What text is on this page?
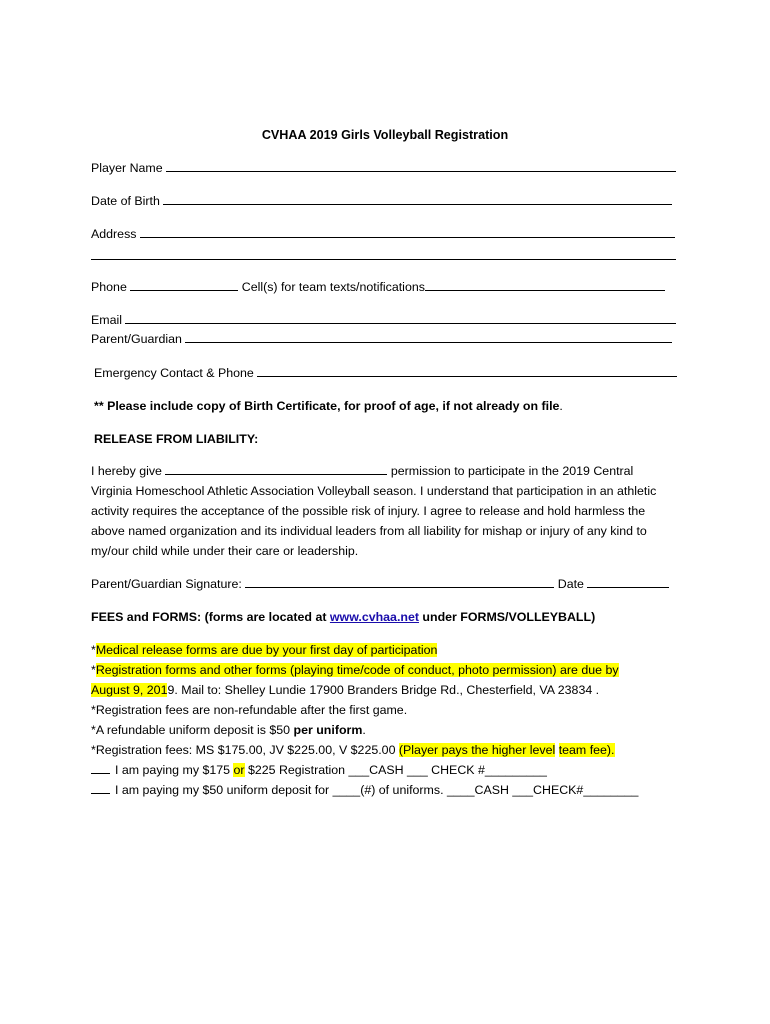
CVHAA 2019 Girls Volleyball Registration
Player Name
Date of Birth
Address
Phone	Cell(s) for team texts/notifications
Email
Parent/Guardian
Emergency Contact & Phone
** Please include copy of Birth Certificate, for proof of age, if not already on file.
RELEASE FROM LIABILITY:
I hereby give	permission to participate in the 2019 Central
Virginia Homeschool Athletic Association Volleyball season. I understand that participation in an athletic
activity requires the acceptance of the possible risk of injury. I agree to release and hold harmless the
above named organization and its individual leaders from all liability for mishap or injury of any kind to
my/our child while under their care or leadership.
Parent/Guardian Signature:	Date
FEES and FORMS: (forms are located at www.cvhaa.net under FORMS/VOLLEYBALL)
*Medical release forms are due by your first day of participation
*Registration forms and other forms (playing time/code of conduct, photo permission) are due by
August 9, 2019. Mail to: Shelley Lundie 17900 Branders Bridge Rd., Chesterfield, VA 23834 .
*Registration fees are non-refundable after the first game.
*A refundable uniform deposit is $50 per uniform.
*Registration fees: MS $175.00, JV $225.00, V $225.00 (Player pays the higher level team fee).
I am paying my $175 or $225 Registration ___CASH ___ CHECK #_________
I am paying my $50 uniform deposit for ____(#) of uniforms. ____CASH ___CHECK#________
